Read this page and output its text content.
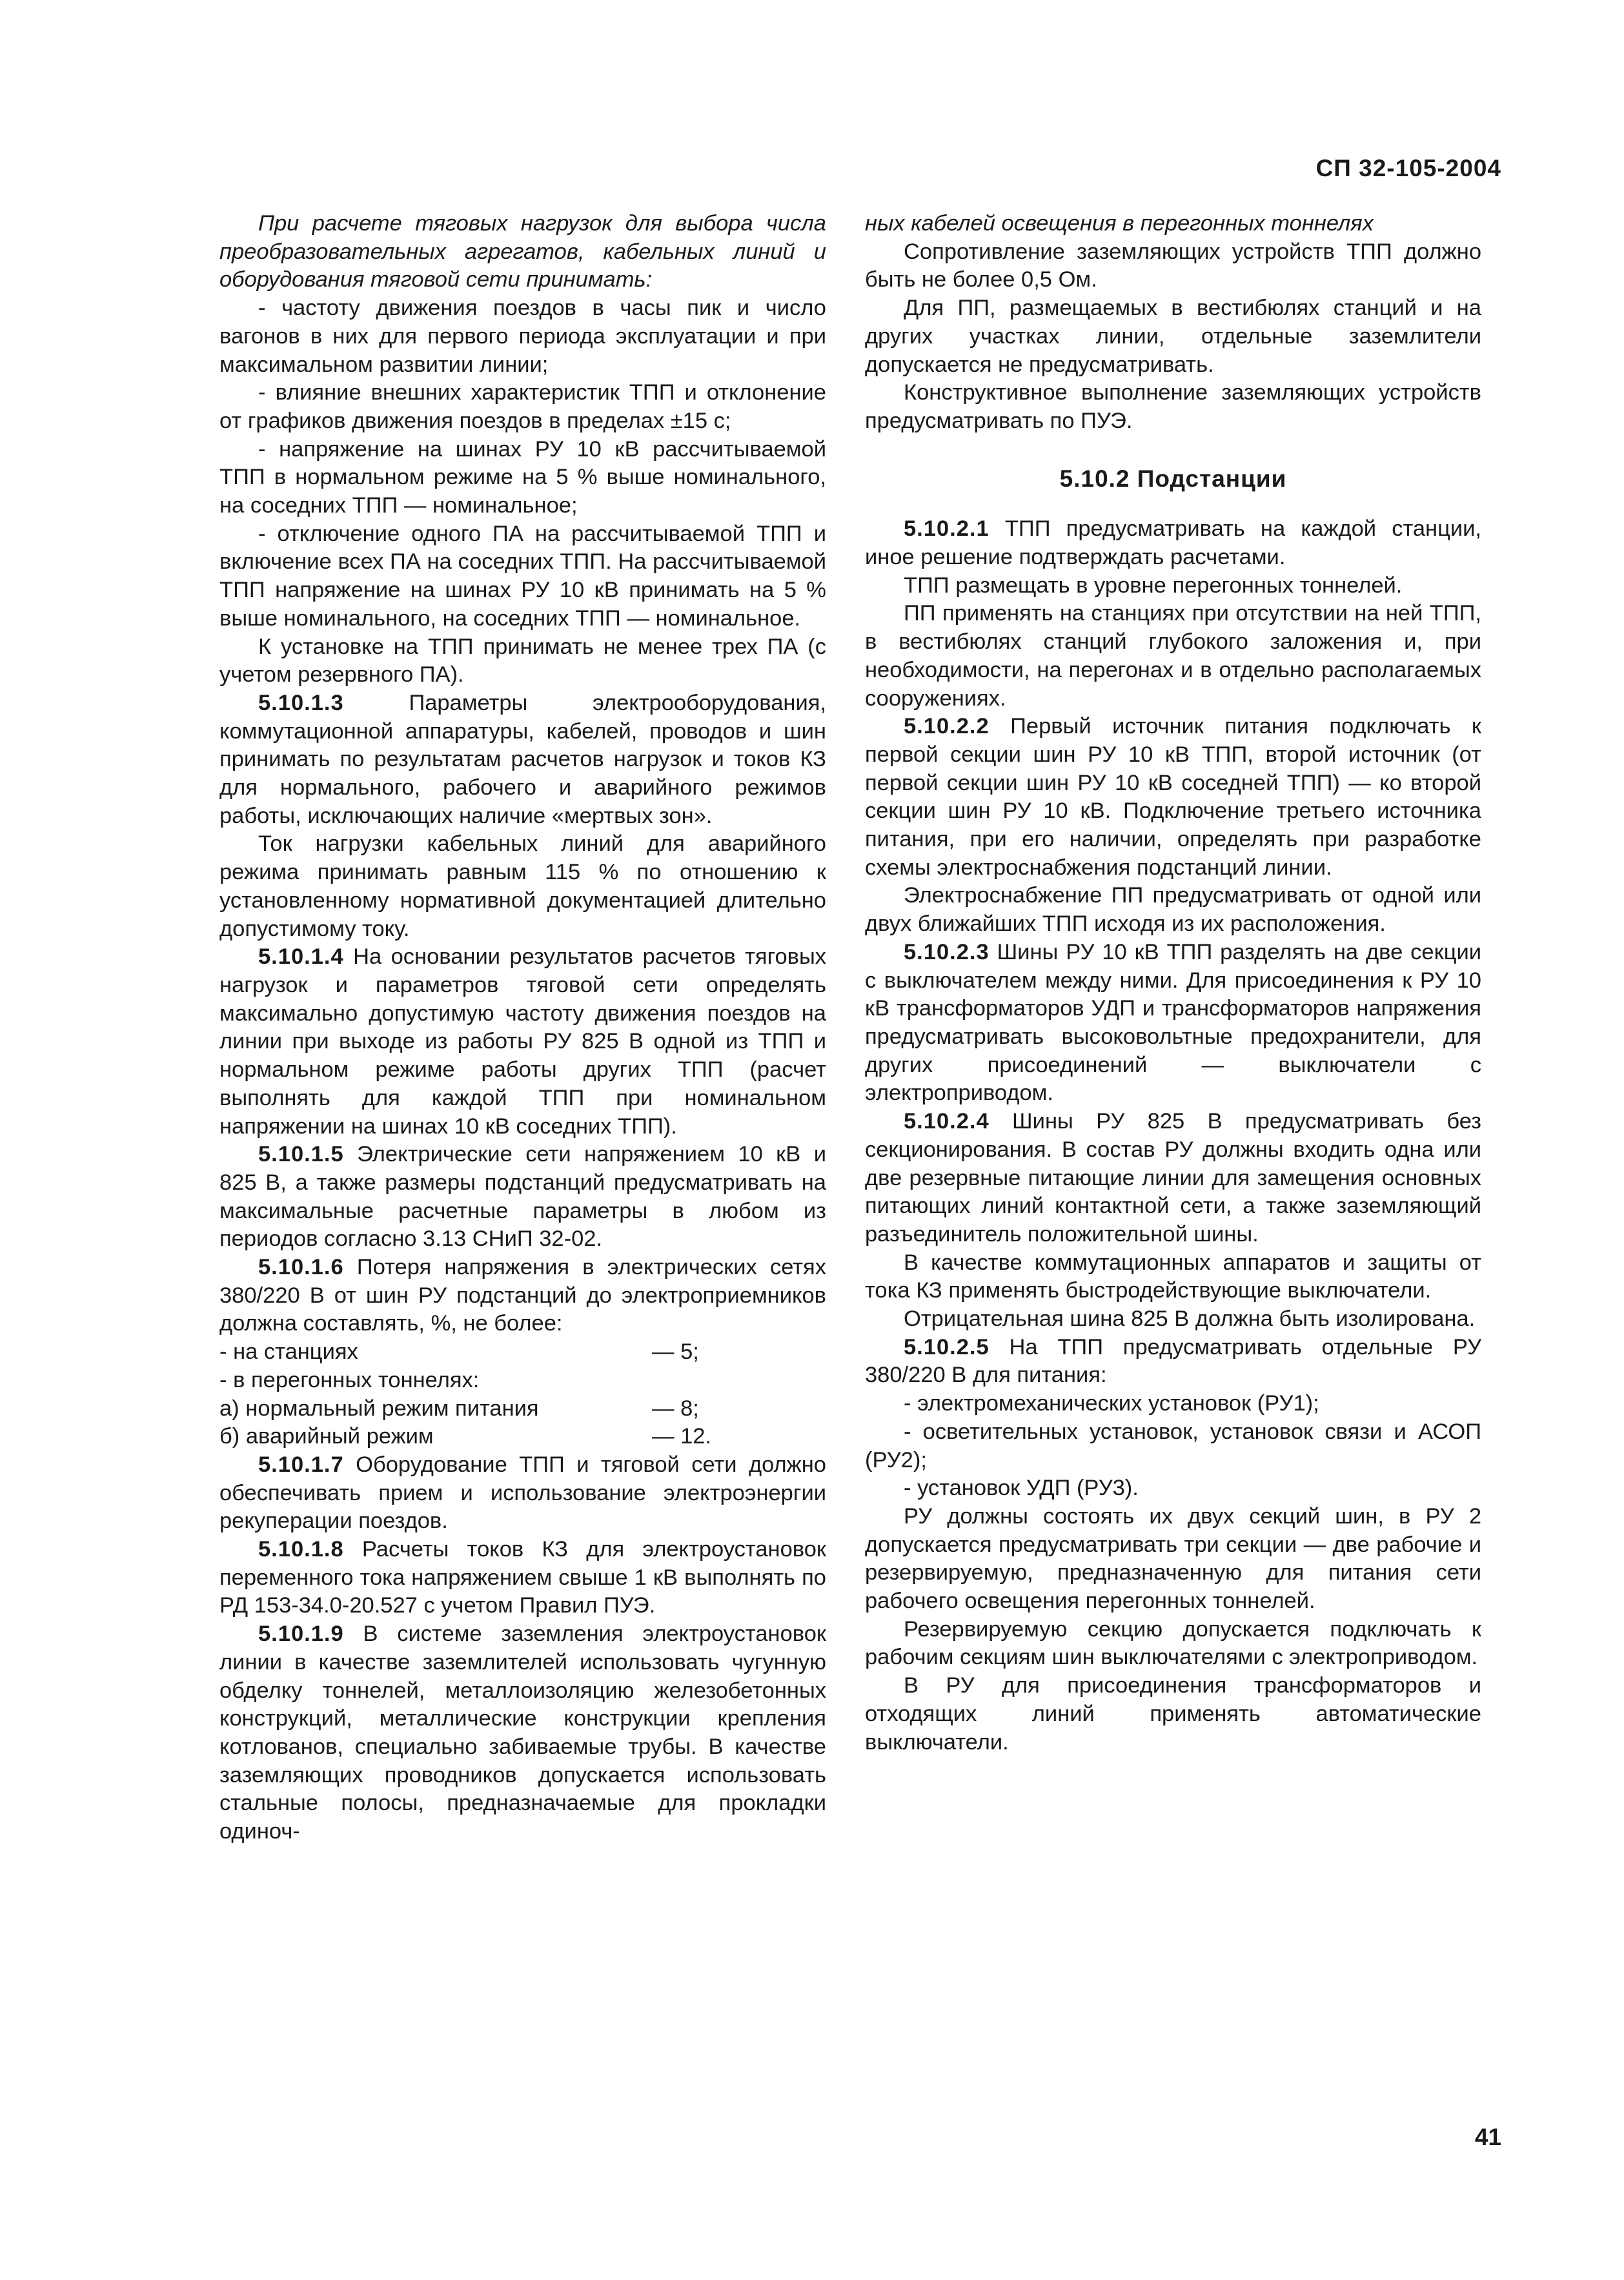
СП 32-105-2004

При расчете тяговых нагрузок для выбора числа преобразовательных агрегатов, кабельных линий и оборудования тяговой сети принимать:

- частоту движения поездов в часы пик и число вагонов в них для первого периода эксплуатации и при максимальном развитии линии;

- влияние внешних характеристик ТПП и отклонение от графиков движения поездов в пределах ±15 с;

- напряжение на шинах РУ 10 кВ рассчитываемой ТПП в нормальном режиме на 5 % выше номинального, на соседних ТПП — номинальное;

- отключение одного ПА на рассчитываемой ТПП и включение всех ПА на соседних ТПП. На рассчитываемой ТПП напряжение на шинах РУ 10 кВ принимать на 5 % выше номинального, на соседних ТПП — номинальное.

К установке на ТПП принимать не менее трех ПА (с учетом резервного ПА).

5.10.1.3 Параметры электрооборудования, коммутационной аппаратуры, кабелей, проводов и шин принимать по результатам расчетов нагрузок и токов КЗ для нормального, рабочего и аварийного режимов работы, исключающих наличие «мертвых зон».

Ток нагрузки кабельных линий для аварийного режима принимать равным 115 % по отношению к установленному нормативной документацией длительно допустимому току.

5.10.1.4 На основании результатов расчетов тяговых нагрузок и параметров тяговой сети определять максимально допустимую частоту движения поездов на линии при выходе из работы РУ 825 В одной из ТПП и нормальном режиме работы других ТПП (расчет выполнять для каждой ТПП при номинальном напряжении на шинах 10 кВ соседних ТПП).

5.10.1.5 Электрические сети напряжением 10 кВ и 825 В, а также размеры подстанций предусматривать на максимальные расчетные параметры в любом из периодов согласно 3.13 СНиП 32-02.

5.10.1.6 Потеря напряжения в электрических сетях 380/220 В от шин РУ подстанций до электроприемников должна составлять, %, не более:

- на станциях	— 5;
- в перегонных тоннелях:
а) нормальный режим питания	— 8;
б) аварийный режим	— 12.

5.10.1.7 Оборудование ТПП и тяговой сети должно обеспечивать прием и использование электроэнергии рекуперации поездов.

5.10.1.8 Расчеты токов КЗ для электроустановок переменного тока напряжением свыше 1 кВ выполнять по РД 153-34.0-20.527 с учетом Правил ПУЭ.

5.10.1.9 В системе заземления электроустановок линии в качестве заземлителей использовать чугунную обделку тоннелей, металлоизоляцию железобетонных конструкций, металлические конструкции крепления котлованов, специально забиваемые трубы. В качестве заземляющих проводников допускается использовать стальные полосы, предназначаемые для прокладки одиноч-

ных кабелей освещения в перегонных тоннелях

Сопротивление заземляющих устройств ТПП должно быть не более 0,5 Ом.

Для ПП, размещаемых в вестибюлях станций и на других участках линии, отдельные заземлители допускается не предусматривать.

Конструктивное выполнение заземляющих устройств предусматривать по ПУЭ.

5.10.2 Подстанции

5.10.2.1 ТПП предусматривать на каждой станции, иное решение подтверждать расчетами.

ТПП размещать в уровне перегонных тоннелей.

ПП применять на станциях при отсутствии на ней ТПП, в вестибюлях станций глубокого заложения и, при необходимости, на перегонах и в отдельно располагаемых сооружениях.

5.10.2.2 Первый источник питания подключать к первой секции шин РУ 10 кВ ТПП, второй источник (от первой секции шин РУ 10 кВ соседней ТПП) — ко второй секции шин РУ 10 кВ. Подключение третьего источника питания, при его наличии, определять при разработке схемы электроснабжения подстанций линии.

Электроснабжение ПП предусматривать от одной или двух ближайших ТПП исходя из их расположения.

5.10.2.3 Шины РУ 10 кВ ТПП разделять на две секции с выключателем между ними. Для присоединения к РУ 10 кВ трансформаторов УДП и трансформаторов напряжения предусматривать высоковольтные предохранители, для других присоединений — выключатели с электроприводом.

5.10.2.4 Шины РУ 825 В предусматривать без секционирования. В состав РУ должны входить одна или две резервные питающие линии для замещения основных питающих линий контактной сети, а также заземляющий разъединитель положительной шины.

В качестве коммутационных аппаратов и защиты от тока КЗ применять быстродействующие выключатели.

Отрицательная шина 825 В должна быть изолирована.

5.10.2.5 На ТПП предусматривать отдельные РУ 380/220 В для питания:

- электромеханических установок (РУ1);

- осветительных установок, установок связи и АСОП (РУ2);

- установок УДП (РУ3).

РУ должны состоять их двух секций шин, в РУ 2 допускается предусматривать три секции — две рабочие и резервируемую, предназначенную для питания сети рабочего освещения перегонных тоннелей.

Резервируемую секцию допускается подключать к рабочим секциям шин выключателями с электроприводом.

В РУ для присоединения трансформаторов и отходящих линий применять автоматические выключатели.

41
